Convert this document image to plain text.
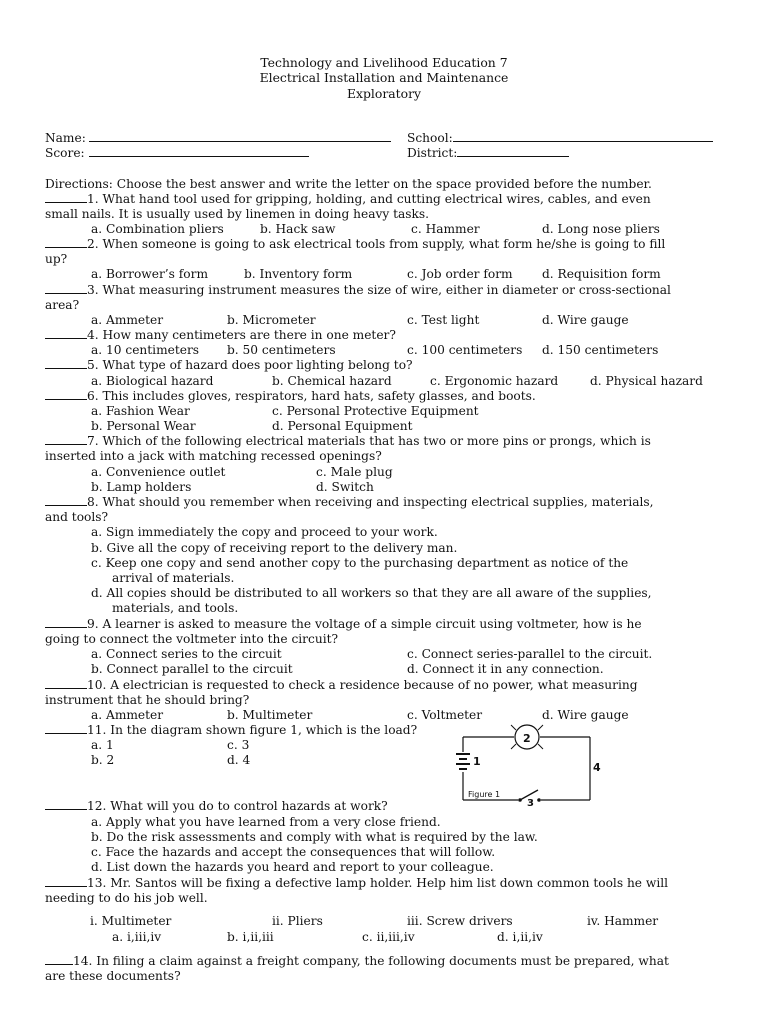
Technology and Livelihood Education 7
Electrical Installation and Maintenance
Exploratory
Name:	School:
Score:	District:
Directions: Choose the best answer and write the letter on the space provided before the number.
1. What hand tool used for gripping, holding, and cutting electrical wires, cables, and even
small nails. It is usually used by linemen in doing heavy tasks.
a. Combination pliers	b. Hack saw	c. Hammer	d. Long nose pliers
2. When someone is going to ask electrical tools from supply, what form he/she is going to fill
up?
a. Borrower’s form	b. Inventory form	c. Job order form d. Requisition form
3. What measuring instrument measures the size of wire, either in diameter or cross-sectional
area?
a. Ammeter	b. Micrometer	c. Test light	d. Wire gauge
4. How many centimeters are there in one meter?
a. 10 centimeters b. 50 centimeters	c. 100 centimeters d. 150 centimeters
5. What type of hazard does poor lighting belong to?
a. Biological hazard	b. Chemical hazard	c. Ergonomic hazard	d. Physical hazard
6. This includes gloves, respirators, hard hats, safety glasses, and boots.
a. Fashion Wear	c. Personal Protective Equipment
b. Personal Wear	d. Personal Equipment
7. Which of the following electrical materials that has two or more pins or prongs, which is
inserted into a jack with matching recessed openings?
a. Convenience outlet	c. Male plug
b. Lamp holders	d. Switch
8. What should you remember when receiving and inspecting electrical supplies, materials,
and tools?
a. Sign immediately the copy and proceed to your work.
b. Give all the copy of receiving report to the delivery man.
c. Keep one copy and send another copy to the purchasing department as notice of the
arrival of materials.
d. All copies should be distributed to all workers so that they are all aware of the supplies,
materials, and tools.
9. A learner is asked to measure the voltage of a simple circuit using voltmeter, how is he
going to connect the voltmeter into the circuit?
a. Connect series to the circuit	c. Connect series-parallel to the circuit.
b. Connect parallel to the circuit	d. Connect it in any connection.
10. A electrician is requested to check a residence because of no power, what measuring
instrument that he should bring?
a. Ammeter	b. Multimeter	c. Voltmeter	d. Wire gauge
11. In the diagram shown figure 1, which is the load?
a. 1	c. 3
b. 2	d. 4	1
2
3
4
Figure 1
12. What will you do to control hazards at work?
a. Apply what you have learned from a very close friend.
b. Do the risk assessments and comply with what is required by the law.
c. Face the hazards and accept the consequences that will follow.
d. List down the hazards you heard and report to your colleague.
13. Mr. Santos will be fixing a defective lamp holder. Help him list down common tools he will
needing to do his job well.
i. Multimeter	ii. Pliers	iii. Screw drivers	iv. Hammer
a. i,iii,iv	b. i,ii,iii	c. ii,iii,iv	d. i,ii,iv
14. In filing a claim against a freight company, the following documents must be prepared, what
are these documents?
